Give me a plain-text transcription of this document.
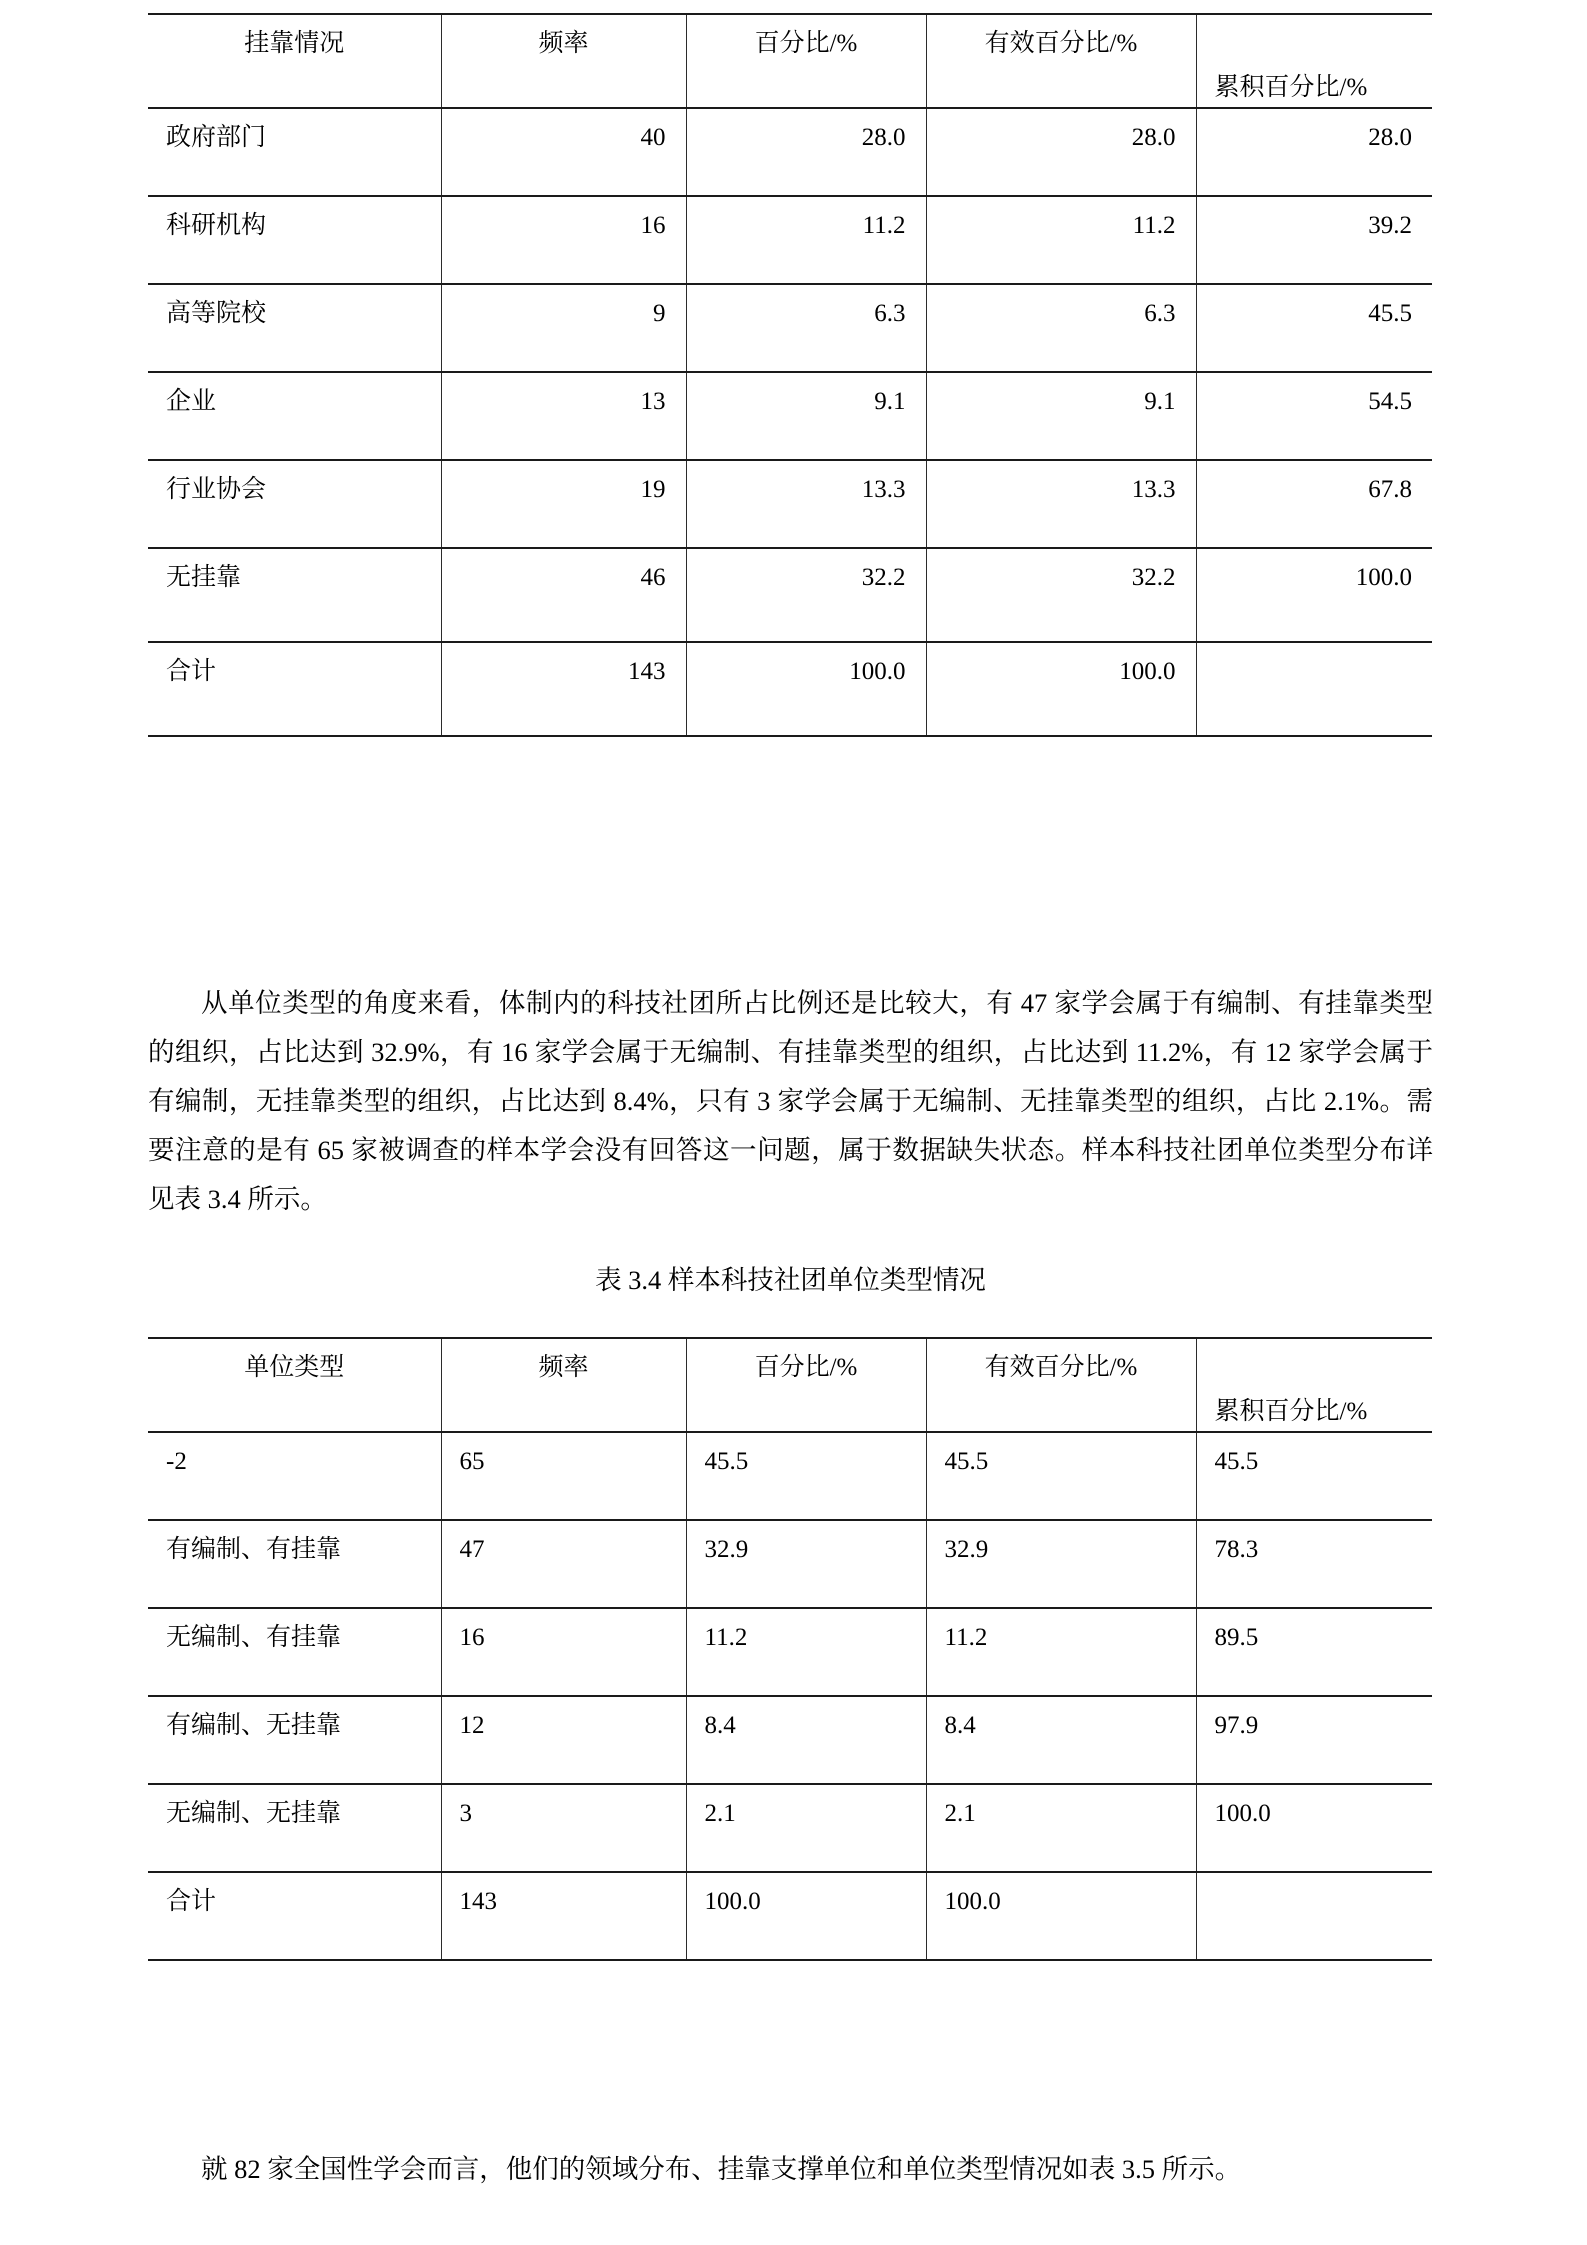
挂靠情况	频率	百分比/%	有效百分比/%	累积百分比/%

政府部门	40	28.0	28.0	28.0

科研机构	16	11.2	11.2	39.2

高等院校	9	6.3	6.3	45.5

企业	13	9.1	9.1	54.5

行业协会	19	13.3	13.3	67.8

无挂靠	46	32.2	32.2	100.0

合计	143	100.0	100.0	

从单位类型的角度来看，体制内的科技社团所占比例还是比较大，有 47 家学会属于有编制、有挂靠类型的组织，占比达到 32.9%，有 16 家学会属于无编制、有挂靠类型的组织，占比达到 11.2%，有 12 家学会属于有编制，无挂靠类型的组织，占比达到 8.4%，只有 3 家学会属于无编制、无挂靠类型的组织，占比 2.1%。需要注意的是有 65 家被调查的样本学会没有回答这一问题，属于数据缺失状态。样本科技社团单位类型分布详见表 3.4 所示。

表 3.4 样本科技社团单位类型情况
单位类型	频率	百分比/%	有效百分比/%	累积百分比/%

-2	65	45.5	45.5	45.5

有编制、有挂靠	47	32.9	32.9	78.3

无编制、有挂靠	16	11.2	11.2	89.5

有编制、无挂靠	12	8.4	8.4	97.9

无编制、无挂靠	3	2.1	2.1	100.0

合计	143	100.0	100.0	

就 82 家全国性学会而言，他们的领域分布、挂靠支撑单位和单位类型情况如表 3.5 所示。
